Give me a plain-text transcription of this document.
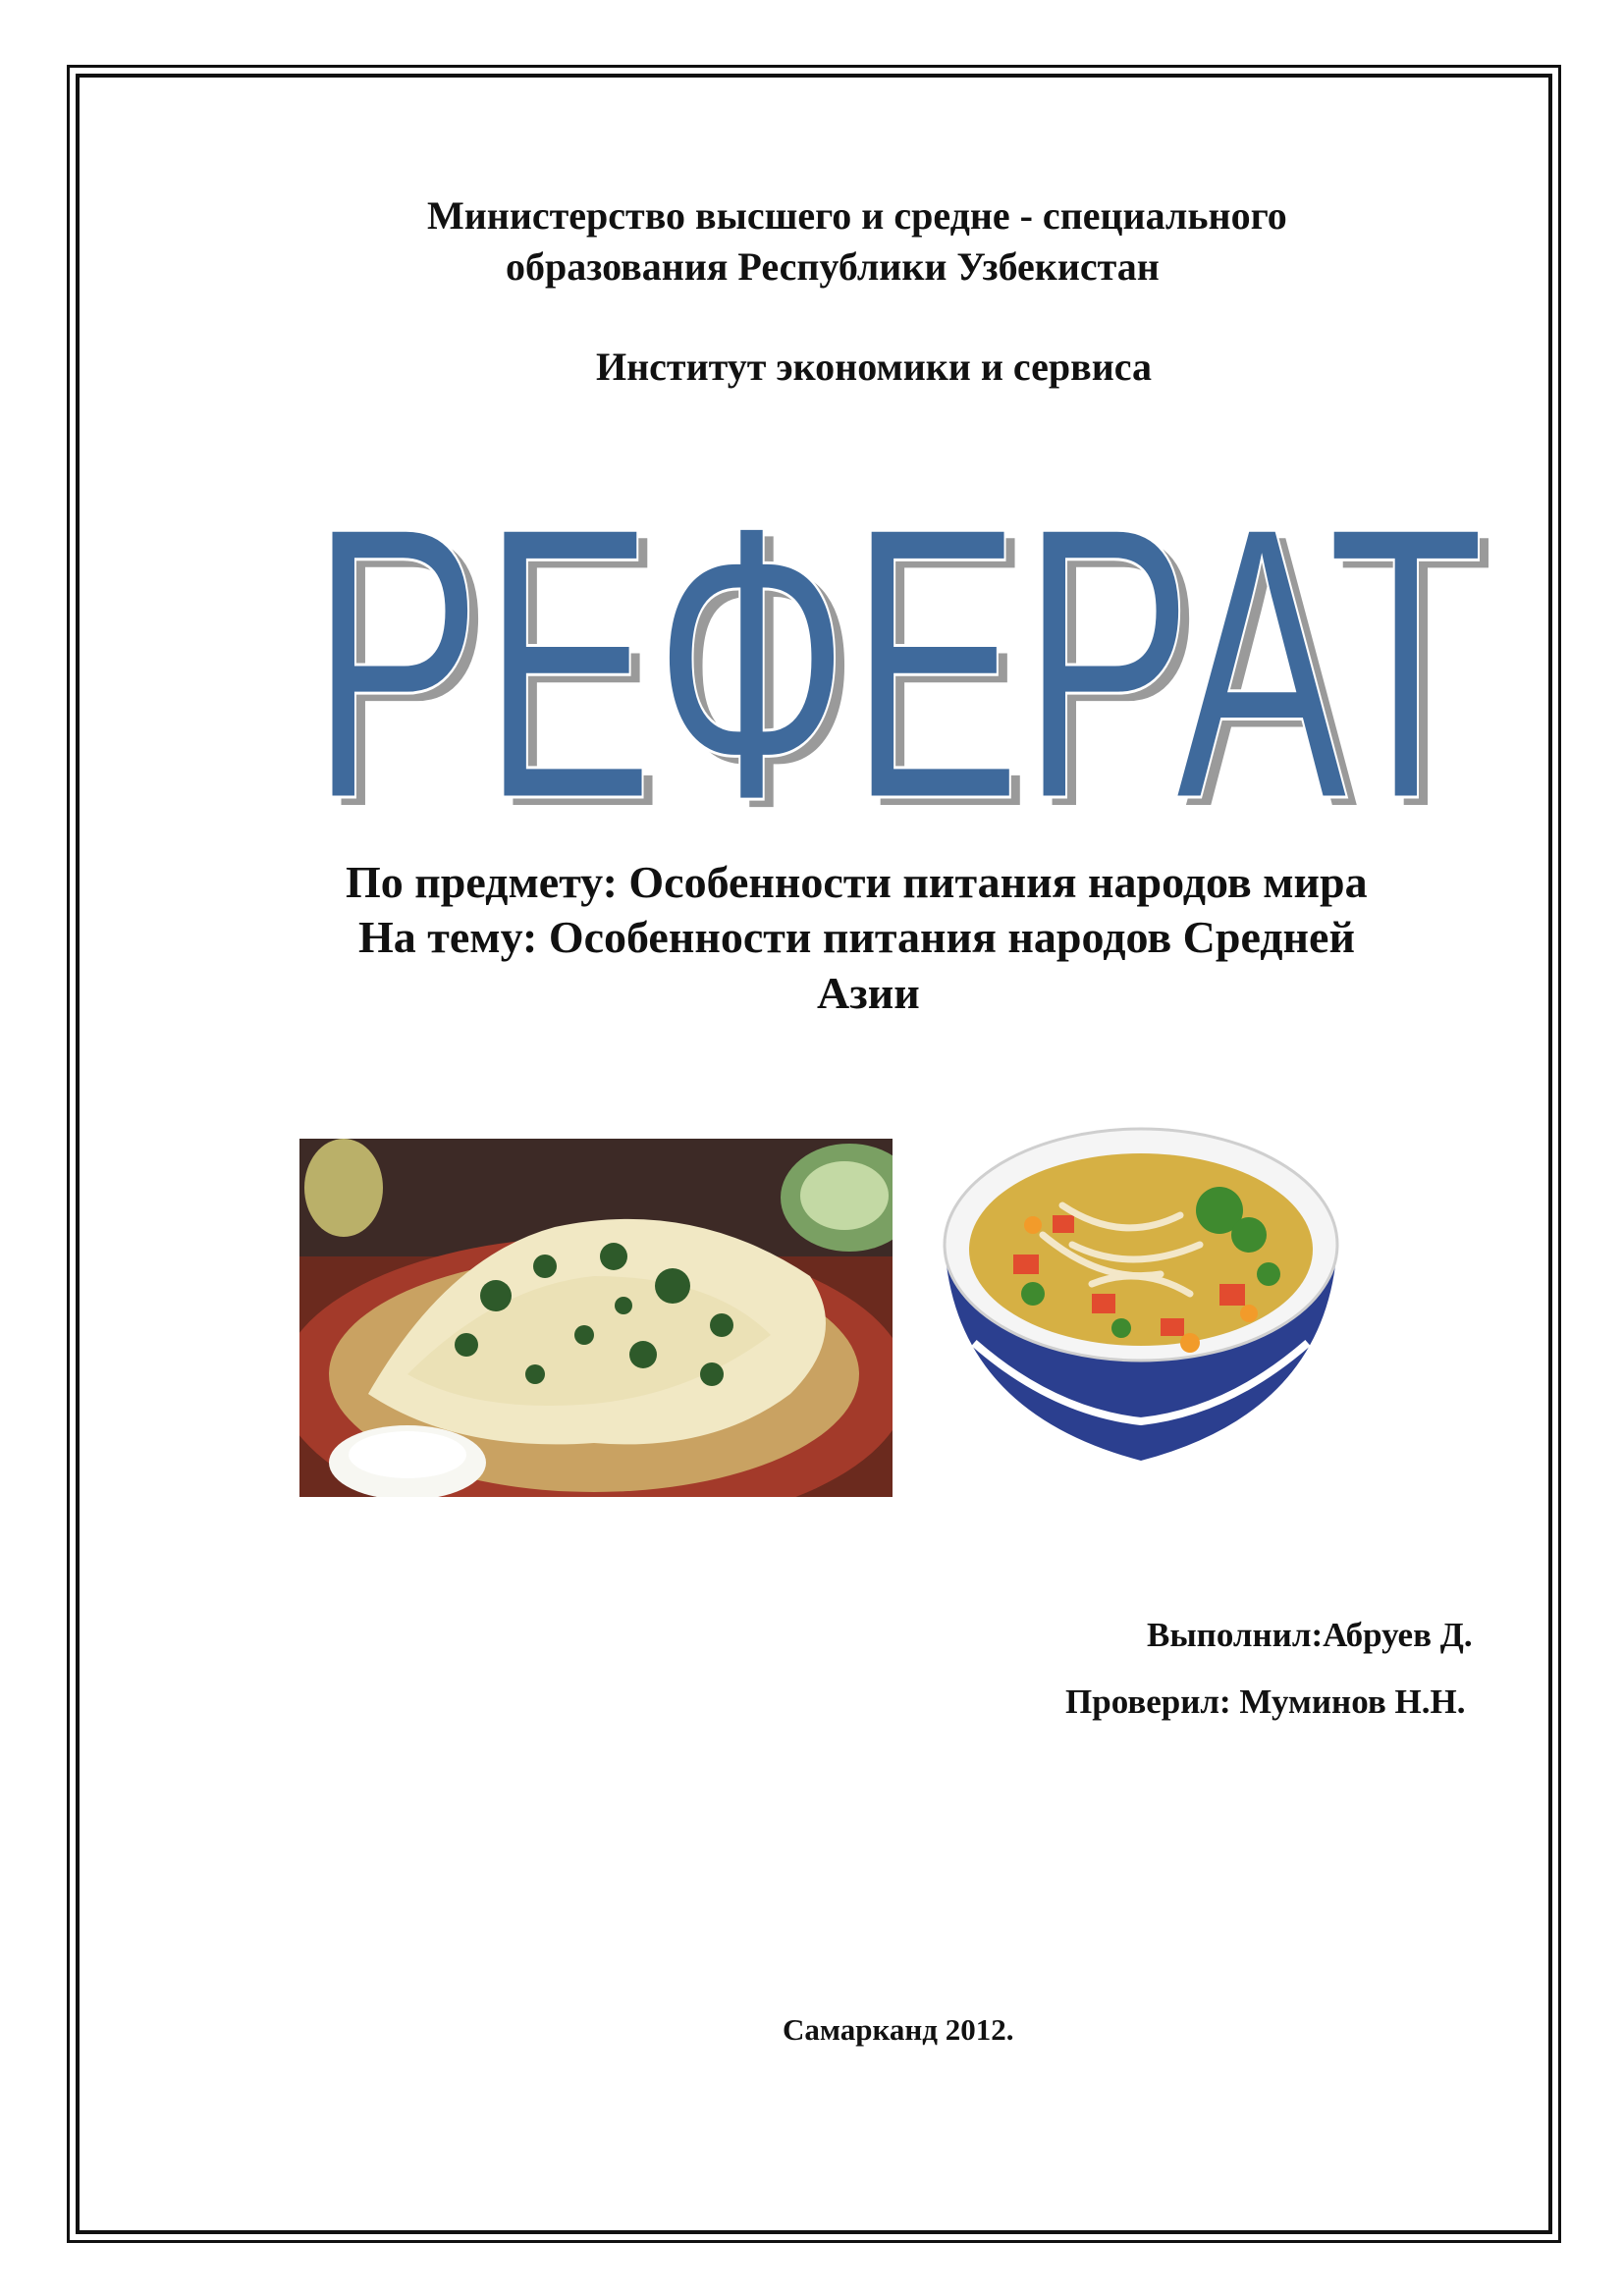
Министерство высшего и средне - специального
образования Республики Узбекистан
Институт экономики и сервиса
РЕФЕРАТ
РЕФЕРАТ
По предмету: Особенности питания народов мира
На тему: Особенности питания народов Средней
Азии
Выполнил:Абруев Д.
Проверил: Муминов Н.Н.
Самарканд 2012.
